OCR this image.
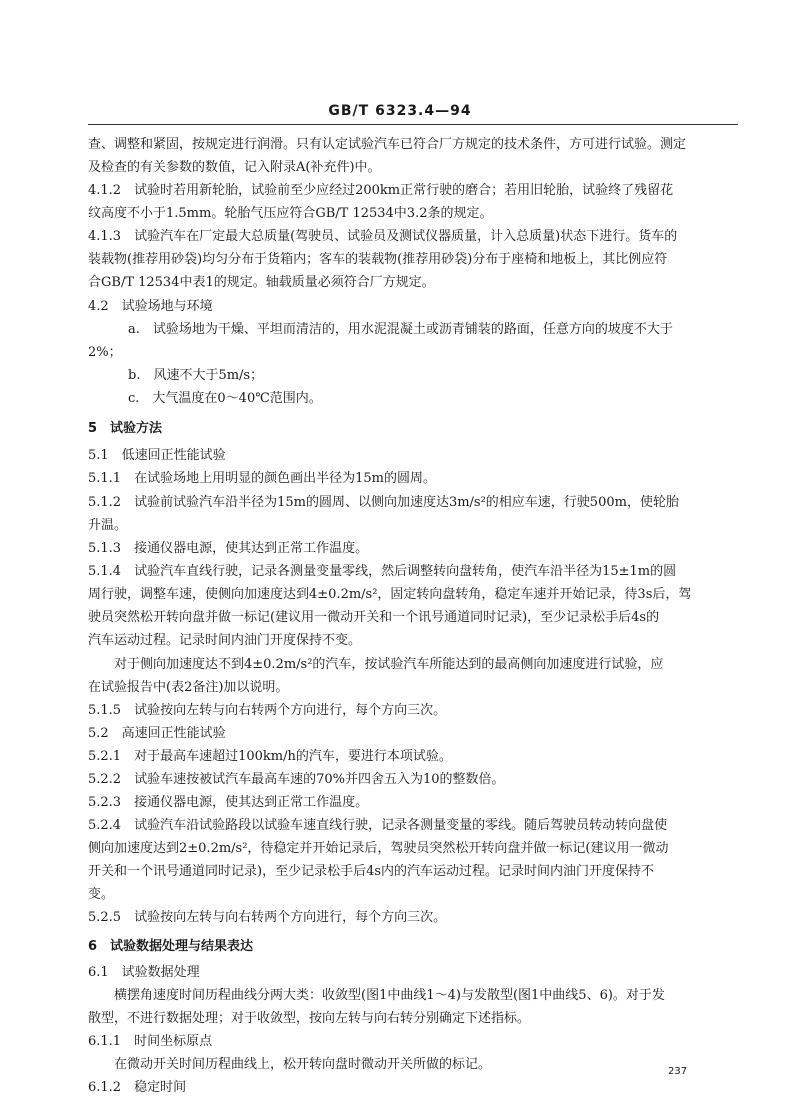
GB/T 6323.4—94
查、调整和紧固，按规定进行润滑。只有认定试验汽车已符合厂方规定的技术条件，方可进行试验。测定
及检查的有关参数的数值，记入附录A(补充件)中。
4.1.2　试验时若用新轮胎，试验前至少应经过200km正常行驶的磨合；若用旧轮胎，试验终了残留花
纹高度不小于1.5mm。轮胎气压应符合GB/T 12534中3.2条的规定。
4.1.3　试验汽车在厂定最大总质量(驾驶员、试验员及测试仪器质量，计入总质量)状态下进行。货车的
装载物(推荐用砂袋)均匀分布于货箱内；客车的装载物(推荐用砂袋)分布于座椅和地板上，其比例应符
合GB/T 12534中表1的规定。轴载质量必须符合厂方规定。
4.2　试验场地与环境
a.　试验场地为干燥、平坦而清洁的，用水泥混凝土或沥青铺装的路面，任意方向的坡度不大于
2%；
b.　风速不大于5m/s；
c.　大气温度在0～40℃范围内。
5　试验方法
5.1　低速回正性能试验
5.1.1　在试验场地上用明显的颜色画出半径为15m的圆周。
5.1.2　试验前试验汽车沿半径为15m的圆周、以侧向加速度达3m/s²的相应车速，行驶500m，使轮胎
升温。
5.1.3　接通仪器电源，使其达到正常工作温度。
5.1.4　试验汽车直线行驶，记录各测量变量零线，然后调整转向盘转角，使汽车沿半径为15±1m的圆
周行驶，调整车速，使侧向加速度达到4±0.2m/s²，固定转向盘转角，稳定车速并开始记录，待3s后，驾
驶员突然松开转向盘并做一标记(建议用一微动开关和一个讯号通道同时记录)，至少记录松手后4s的
汽车运动过程。记录时间内油门开度保持不变。
对于侧向加速度达不到4±0.2m/s²的汽车，按试验汽车所能达到的最高侧向加速度进行试验，应
在试验报告中(表2备注)加以说明。
5.1.5　试验按向左转与向右转两个方向进行，每个方向三次。
5.2　高速回正性能试验
5.2.1　对于最高车速超过100km/h的汽车，要进行本项试验。
5.2.2　试验车速按被试汽车最高车速的70%并四舍五入为10的整数倍。
5.2.3　接通仪器电源，使其达到正常工作温度。
5.2.4　试验汽车沿试验路段以试验车速直线行驶，记录各测量变量的零线。随后驾驶员转动转向盘使
侧向加速度达到2±0.2m/s²，待稳定并开始记录后，驾驶员突然松开转向盘并做一标记(建议用一微动
开关和一个讯号通道同时记录)，至少记录松手后4s内的汽车运动过程。记录时间内油门开度保持不
变。
5.2.5　试验按向左转与向右转两个方向进行，每个方向三次。
6　试验数据处理与结果表达
6.1　试验数据处理
横摆角速度时间历程曲线分两大类：收敛型(图1中曲线1～4)与发散型(图1中曲线5、6)。对于发
散型，不进行数据处理；对于收敛型，按向左转与向右转分别确定下述指标。
6.1.1　时间坐标原点
在微动开关时间历程曲线上，松开转向盘时微动开关所做的标记。
6.1.2　稳定时间
237
